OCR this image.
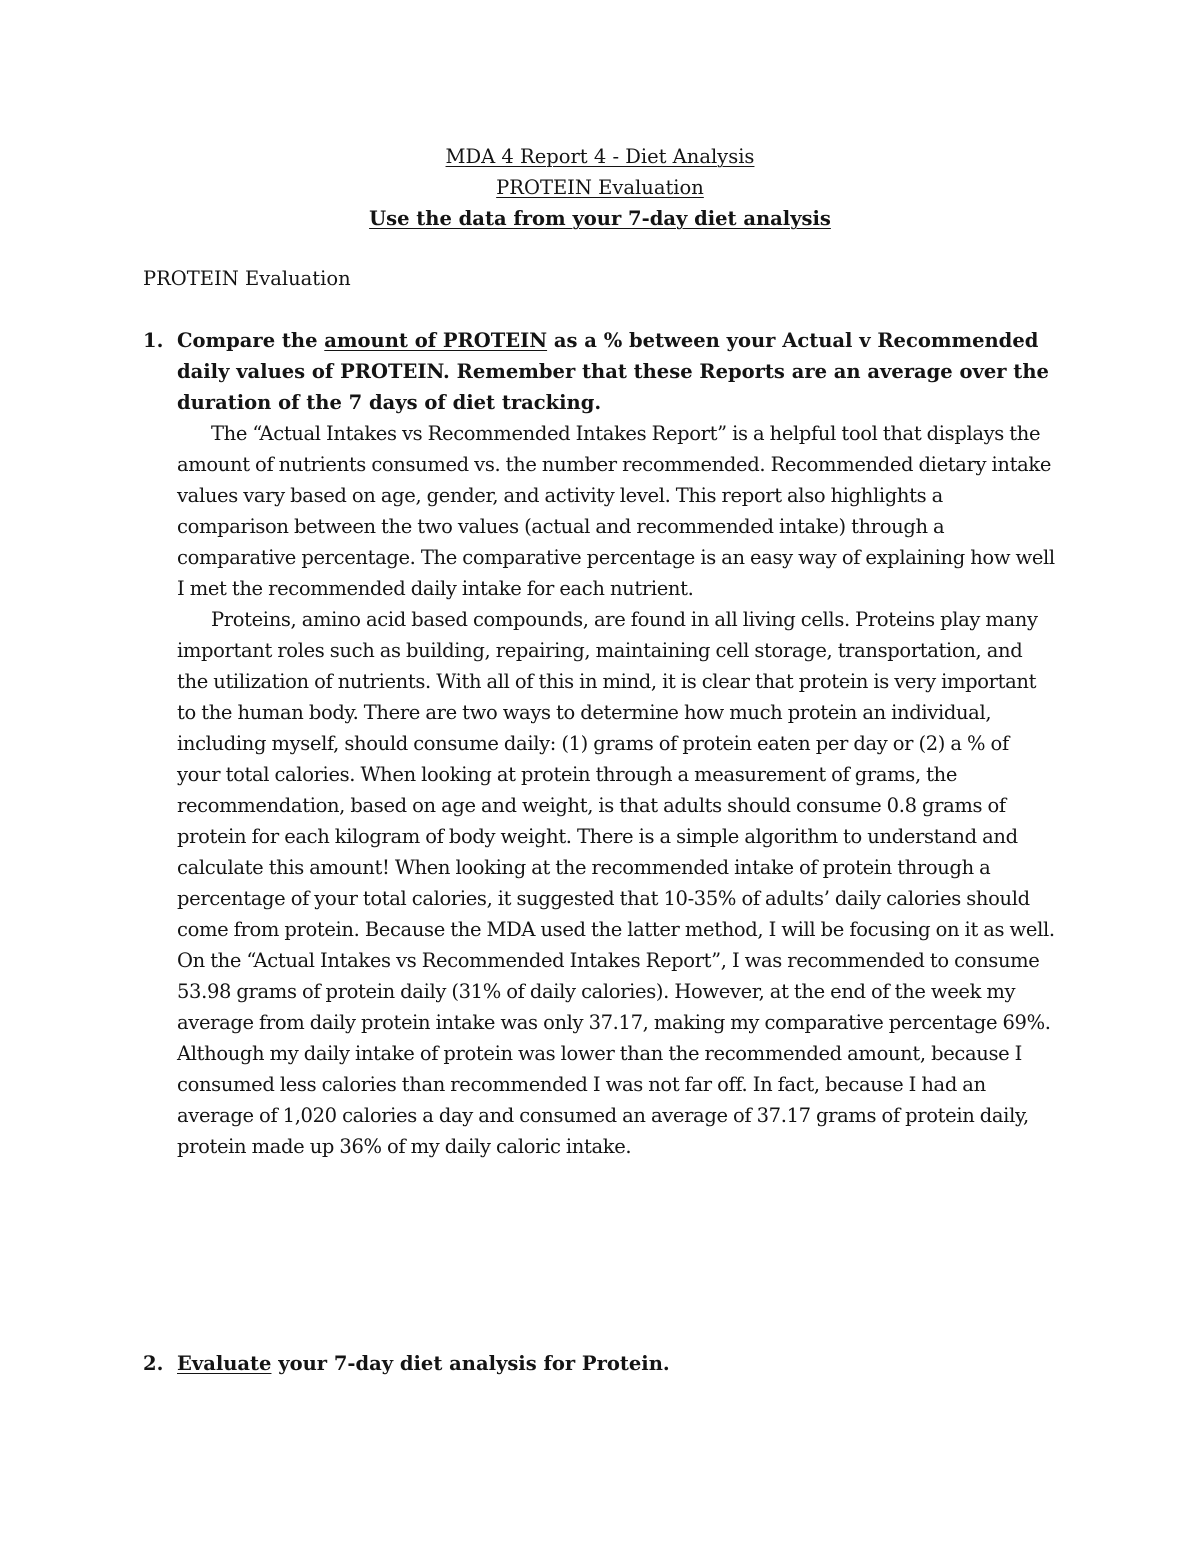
MDA 4 Report 4 - Diet Analysis
PROTEIN Evaluation
Use the data from your 7-day diet analysis

PROTEIN Evaluation

1. Compare the amount of PROTEIN as a % between your Actual v Recommended daily values of PROTEIN. Remember that these Reports are an average over the duration of the 7 days of diet tracking.

The “Actual Intakes vs Recommended Intakes Report” is a helpful tool that displays the amount of nutrients consumed vs. the number recommended. Recommended dietary intake values vary based on age, gender, and activity level. This report also highlights a comparison between the two values (actual and recommended intake) through a comparative percentage. The comparative percentage is an easy way of explaining how well I met the recommended daily intake for each nutrient.

Proteins, amino acid based compounds, are found in all living cells. Proteins play many important roles such as building, repairing, maintaining cell storage, transportation, and the utilization of nutrients. With all of this in mind, it is clear that protein is very important to the human body. There are two ways to determine how much protein an individual, including myself, should consume daily: (1) grams of protein eaten per day or (2) a % of your total calories. When looking at protein through a measurement of grams, the recommendation, based on age and weight, is that adults should consume 0.8 grams of protein for each kilogram of body weight. There is a simple algorithm to understand and calculate this amount! When looking at the recommended intake of protein through a percentage of your total calories, it suggested that 10-35% of adults’ daily calories should come from protein. Because the MDA used the latter method, I will be focusing on it as well. On the “Actual Intakes vs Recommended Intakes Report”, I was recommended to consume 53.98 grams of protein daily (31% of daily calories). However, at the end of the week my average from daily protein intake was only 37.17, making my comparative percentage 69%. Although my daily intake of protein was lower than the recommended amount, because I consumed less calories than recommended I was not far off. In fact, because I had an average of 1,020 calories a day and consumed an average of 37.17 grams of protein daily, protein made up 36% of my daily caloric intake.

2. Evaluate your 7-day diet analysis for Protein.
